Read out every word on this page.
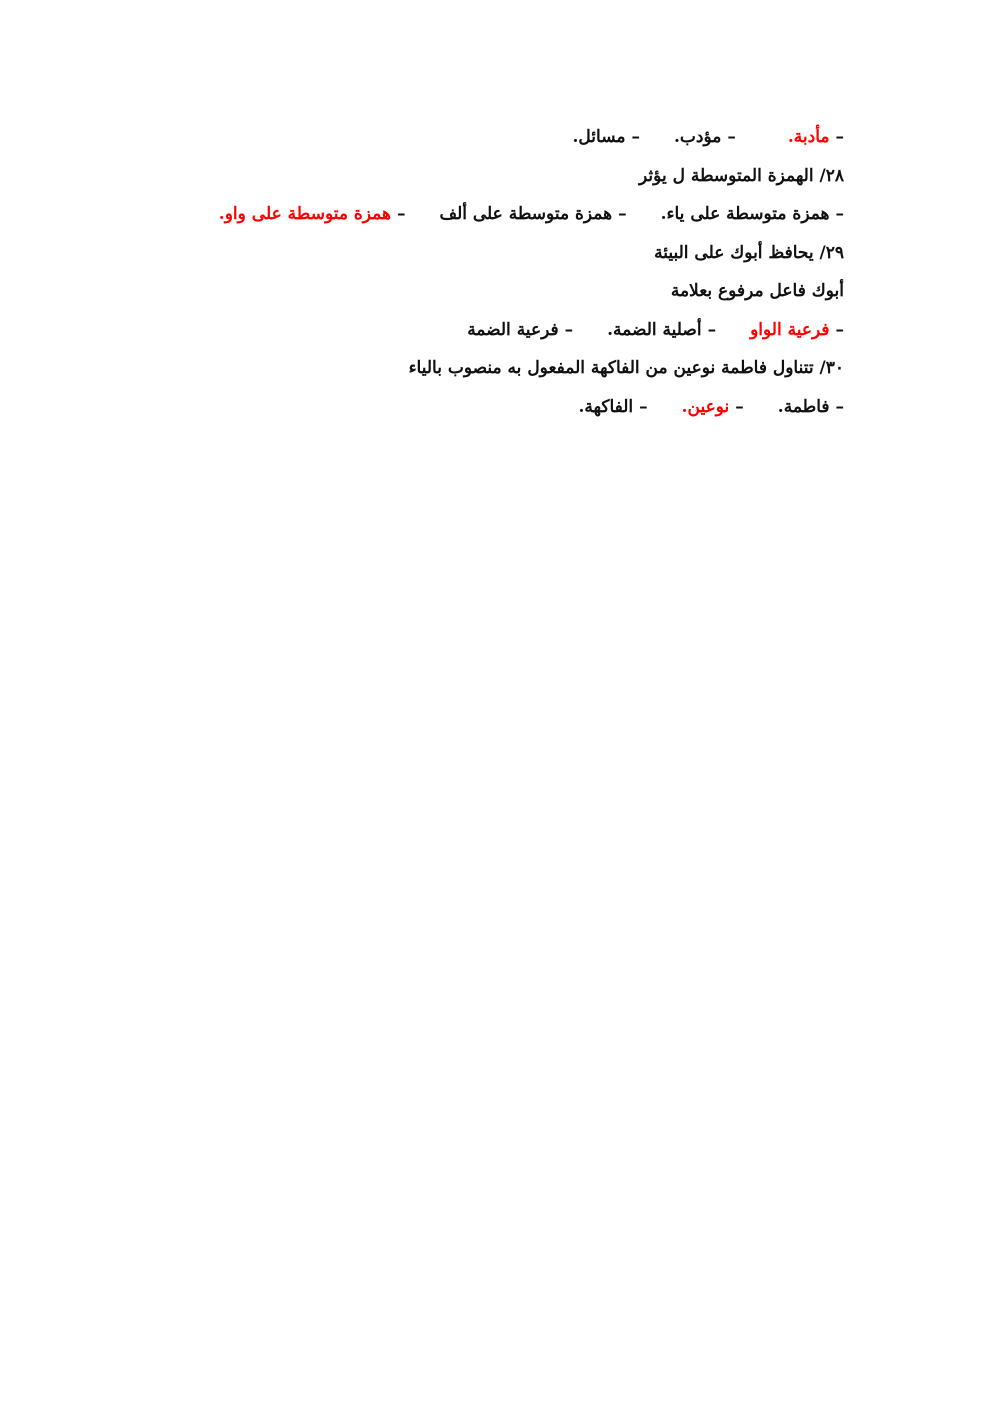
–مأدبة.–مؤدب.–مسائل.
٢٨/ الهمزة المتوسطة ل يؤثر
–همزة متوسطة على ياء.–همزة متوسطة على ألف–همزة متوسطة على واو.
٢٩/ يحافظ أبوك على البيئة
أبوك فاعل مرفوع بعلامة
–فرعية الواو–أصلية الضمة.–فرعية الضمة
٣٠/ تتناول فاطمة نوعين من الفاكهة المفعول به منصوب بالياء
–فاطمة.–نوعين.–الفاكهة.
